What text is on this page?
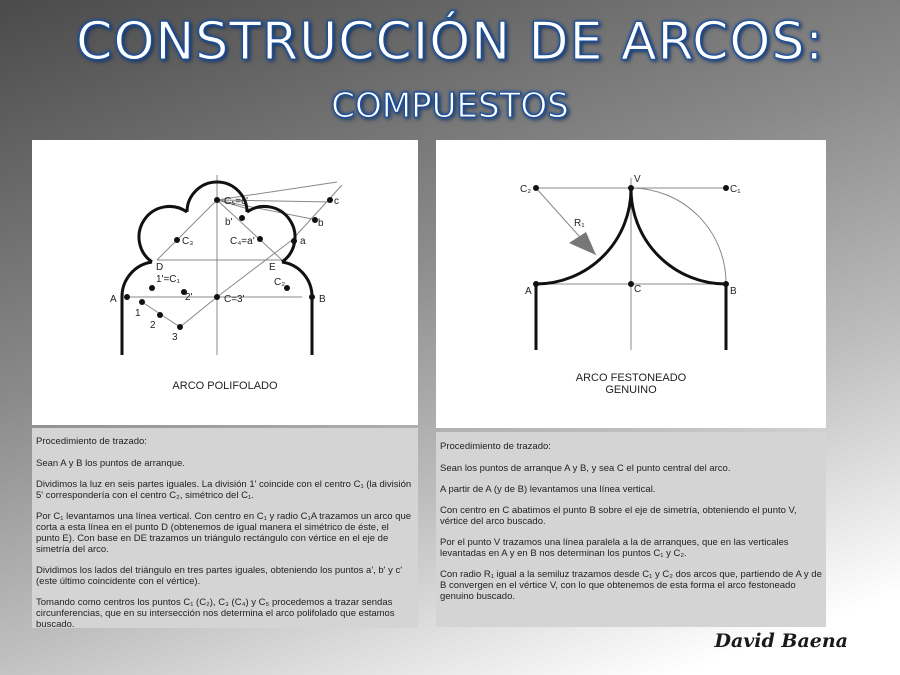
CONSTRUCCIÓN DE ARCOS:
COMPUESTOS
A	B
D	E
1'=C₁
C₃	C₄=a'
C₅=c'
C₂
C=3'
a
b
b'
c
1
2
3
2'
ARCO POLIFOLADO

Procedimiento de trazado:

Sean A y B los puntos de arranque.

Dividimos la luz en seis partes iguales. La división 1' coincide con el centro C₁ (la división 5' correspondería con el centro C₂, simétrico del C₁.

Por C₁ levantamos una línea vertical. Con centro en C₁ y radio C₁A trazamos un arco que corta a esta línea en el punto D (obtenemos de igual manera el simétrico de éste, el punto E). Con base en DE trazamos un triángulo rectángulo con vértice en el eje de simetría del arco.

Dividimos los lados del triángulo en tres partes iguales, obteniendo los puntos a', b' y c' (este último coincidente con el vértice).

Tomando como centros los puntos C₁ (C₂), C₃ (C₄) y C₅ procedemos a trazar sendas circunferencias, que en su intersección nos determina el arco polifolado que estamos buscado.

C₂
V
C₁
R₁
A	C	B
ARCO FESTONEADO
GENUINO

Procedimiento de trazado:

Sean los puntos de arranque A y B, y sea C el punto central del arco.

A partir de A (y de B) levantamos una línea vertical.

Con centro en C abatimos el punto B sobre el eje de simetría, obteniendo el punto V, vértice del arco buscado.

Por el punto V trazamos una línea paralela a la de arranques, que en las verticales levantadas en A y en B nos determinan los puntos C₁ y C₂.

Con radio R₁ igual a la semiluz trazamos desde C₁ y C₂ dos arcos que, partiendo de A y de B convergen en el vértice V, con lo que obtenemos de esta forma el arco festoneado genuino buscado.

David Baena
